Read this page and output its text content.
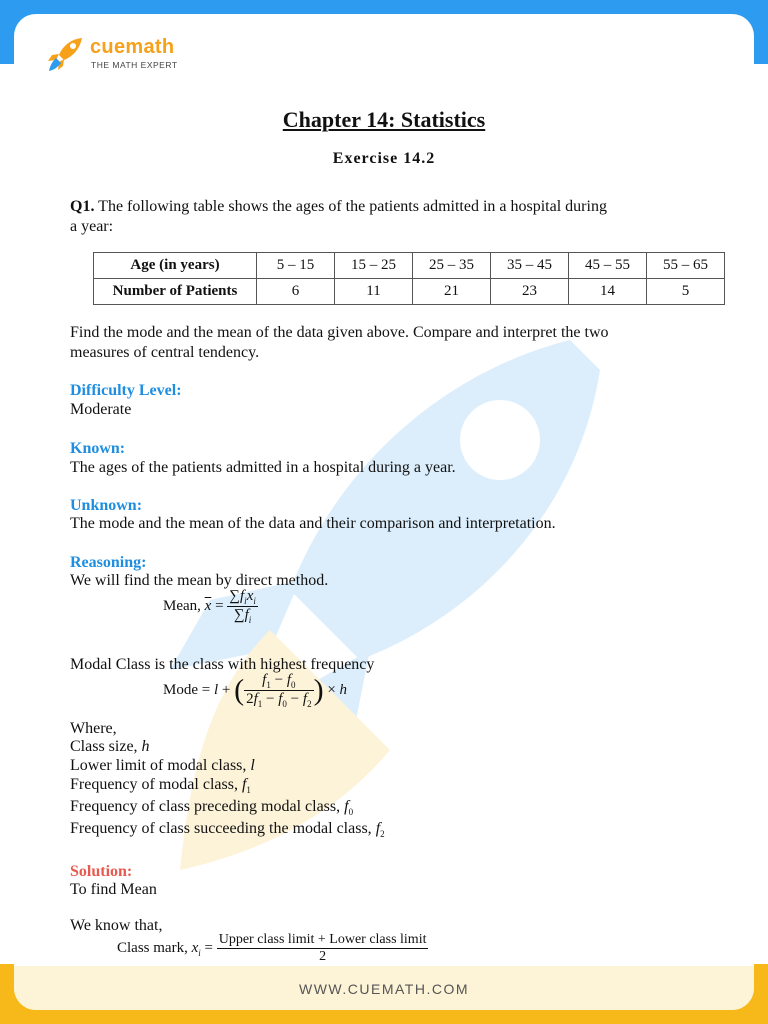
WWW.CUEMATH.COM
cuemath
THE MATH EXPERT
Chapter 14: Statistics
Exercise 14.2
Q1. The following table shows the ages of the patients admitted in a hospital during
a year:
Age (in years)	5 – 15	15 – 25	25 – 35	35 – 45	45 – 55	55 – 65
Number of Patients	6	11	21	23	14	5
Find the mode and the mean of the data given above. Compare and interpret the two
measures of central tendency.
Difficulty Level:
Moderate
Known:
The ages of the patients admitted in a hospital during a year.
Unknown:
The mode and the mean of the data and their comparison and interpretation.
Reasoning:
We will find the mean by direct method.
Mean, $\overline{x} = \frac{\sum f_ix_i}{\sum f_i}$
Modal Class is the class with highest frequency
Mode = l + ( $\frac{f_1 - f_0}{2f_1 - f_0 - f_2}$ ) × h
Where,
Class size, h
Lower limit of modal class, l
Frequency of modal class, $f_1$
Frequency of class preceding modal class, $f_0$
Frequency of class succeeding the modal class, $f_2$
Solution:
To find Mean
We know that,
Class mark, $x_i = \frac{\text{Upper class limit + Lower class limit}}{2}$
